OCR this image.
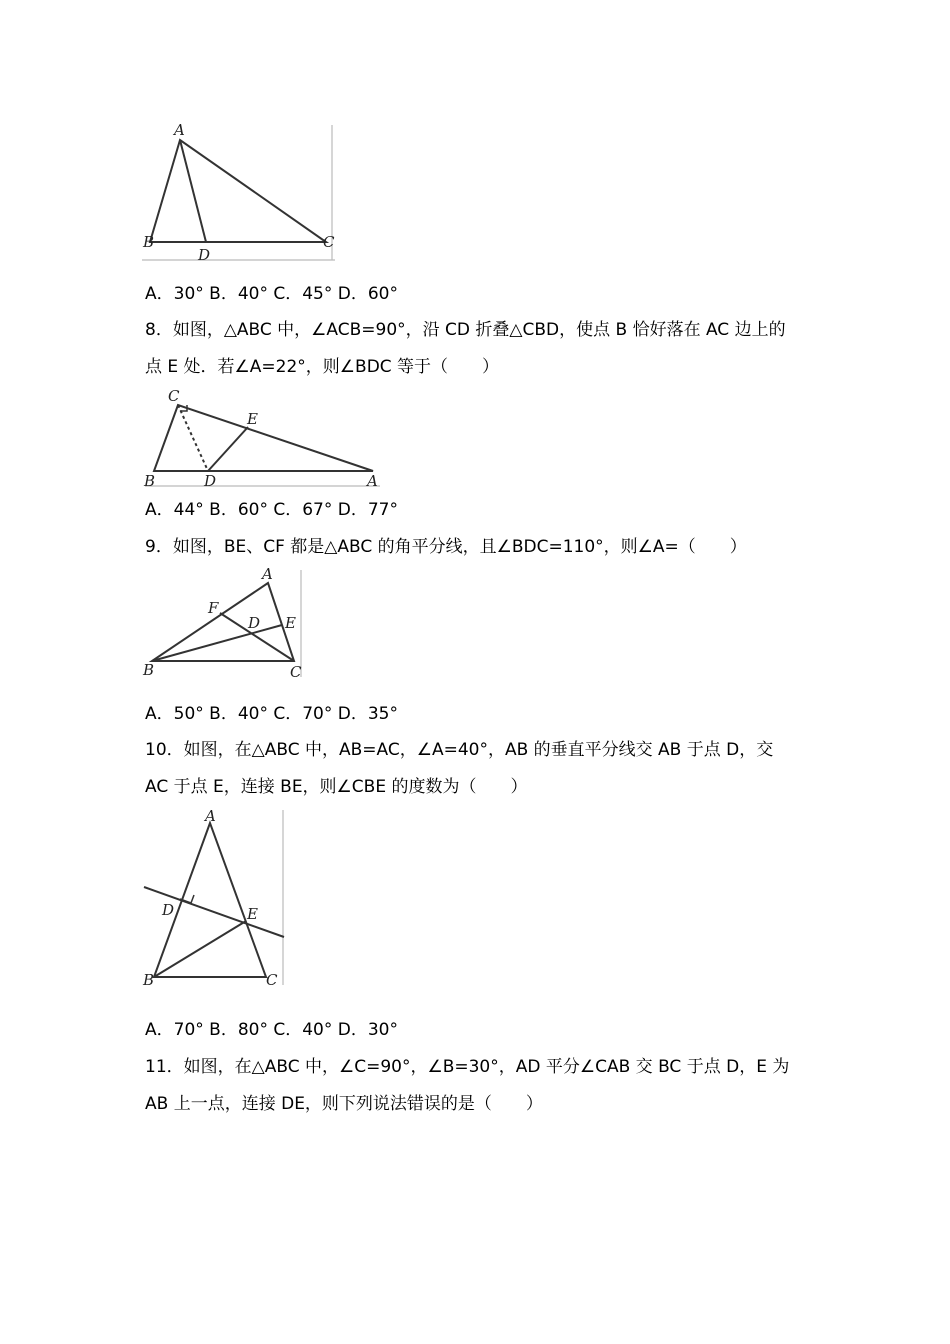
A
B	C
D
A．30° B．40° C．45° D．60°
8．如图，△ABC 中，∠ACB=90°，沿 CD 折叠△CBD，使点 B 恰好落在 AC 边上的
点 E 处．若∠A=22°，则∠BDC 等于（　　）
C
E
B	D	A
A．44° B．60° C．67° D．77°
9．如图，BE、CF 都是△ABC 的角平分线，且∠BDC=110°，则∠A=（　　）
A
F
D E
B	C
A．50° B．40° C．70° D．35°
10．如图，在△ABC 中，AB=AC，∠A=40°，AB 的垂直平分线交 AB 于点 D，交
AC 于点 E，连接 BE，则∠CBE 的度数为（　　）
A
D	E
B	C
A．70° B．80° C．40° D．30°
11．如图，在△ABC 中，∠C=90°，∠B=30°，AD 平分∠CAB 交 BC 于点 D，E 为
AB 上一点，连接 DE，则下列说法错误的是（　　）
